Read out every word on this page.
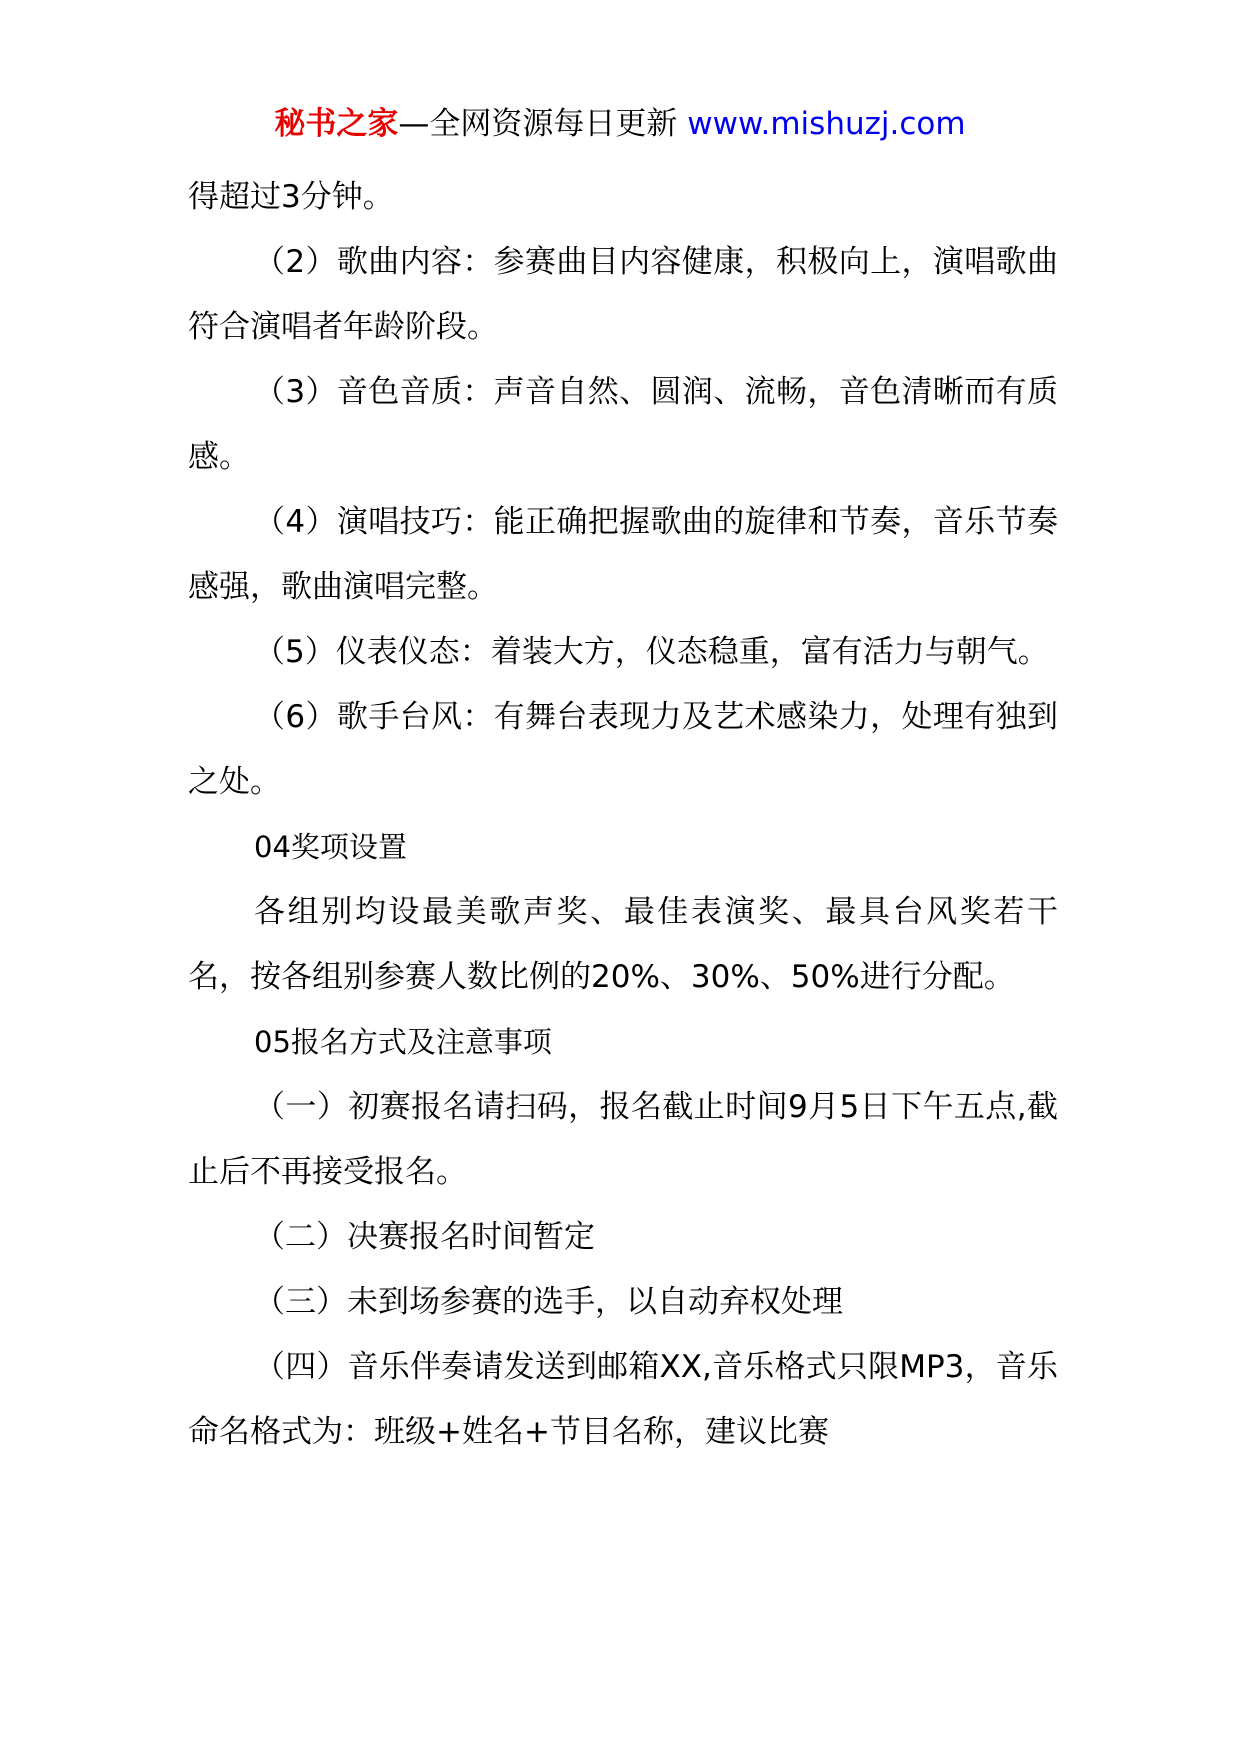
秘书之家—全网资源每日更新 www.mishuzj.com

得超过3分钟。

（2）歌曲内容：参赛曲目内容健康，积极向上，演唱歌曲符合演唱者年龄阶段。

（3）音色音质：声音自然、圆润、流畅，音色清晰而有质感。

（4）演唱技巧：能正确把握歌曲的旋律和节奏，音乐节奏感强，歌曲演唱完整。

（5）仪表仪态：着装大方，仪态稳重，富有活力与朝气。

（6）歌手台风：有舞台表现力及艺术感染力，处理有独到之处。

04奖项设置

各组别均设最美歌声奖、最佳表演奖、最具台风奖若干名，按各组别参赛人数比例的20%、30%、50%进行分配。

05报名方式及注意事项

（一）初赛报名请扫码，报名截止时间9月5日下午五点,截止后不再接受报名。

（二）决赛报名时间暂定

（三）未到场参赛的选手，以自动弃权处理

（四）音乐伴奏请发送到邮箱XX,音乐格式只限MP3，音乐命名格式为：班级+姓名+节目名称，建议比赛
